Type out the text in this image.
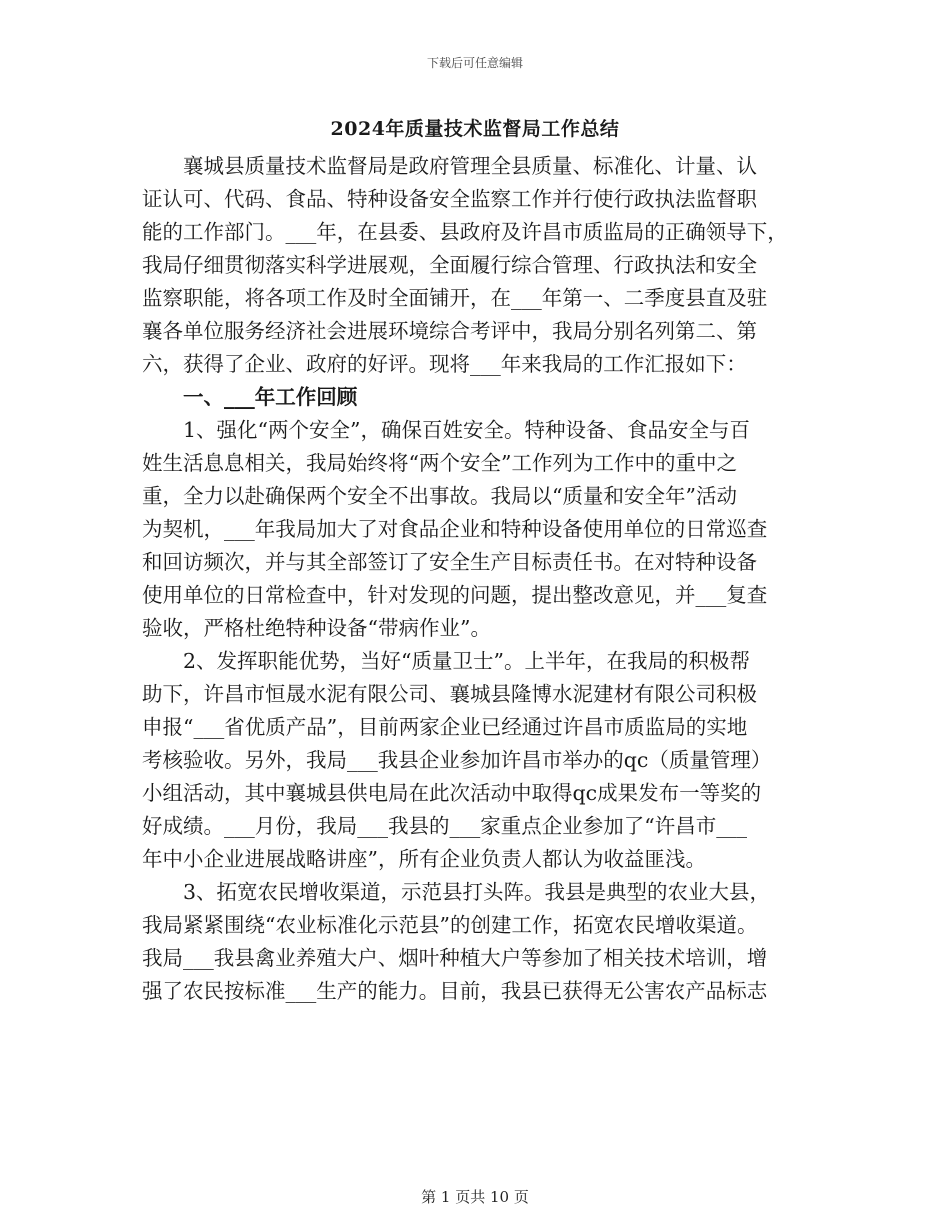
下载后可任意编辑
2024年质量技术监督局工作总结
襄城县质量技术监督局是政府管理全县质量、标准化、计量、认
证认可、代码、食品、特种设备安全监察工作并行使行政执法监督职
能的工作部门。___年，在县委、县政府及许昌市质监局的正确领导下，
我局仔细贯彻落实科学进展观，全面履行综合管理、行政执法和安全
监察职能，将各项工作及时全面铺开，在___年第一、二季度县直及驻
襄各单位服务经济社会进展环境综合考评中，我局分别名列第二、第
六，获得了企业、政府的好评。现将___年来我局的工作汇报如下：
一、___年工作回顾
1、强化“两个安全”，确保百姓安全。特种设备、食品安全与百
姓生活息息相关，我局始终将“两个安全”工作列为工作中的重中之
重，全力以赴确保两个安全不出事故。我局以“质量和安全年”活动
为契机，___年我局加大了对食品企业和特种设备使用单位的日常巡查
和回访频次，并与其全部签订了安全生产目标责任书。在对特种设备
使用单位的日常检查中，针对发现的问题，提出整改意见，并___复查
验收，严格杜绝特种设备“带病作业”。
2、发挥职能优势，当好“质量卫士”。上半年，在我局的积极帮
助下，许昌市恒晟水泥有限公司、襄城县隆博水泥建材有限公司积极
申报“___省优质产品”，目前两家企业已经通过许昌市质监局的实地
考核验收。另外，我局___我县企业参加许昌市举办的qc（质量管理）
小组活动，其中襄城县供电局在此次活动中取得qc成果发布一等奖的
好成绩。___月份，我局___我县的___家重点企业参加了“许昌市___
年中小企业进展战略讲座”，所有企业负责人都认为收益匪浅。
3、拓宽农民增收渠道，示范县打头阵。我县是典型的农业大县，
我局紧紧围绕“农业标准化示范县”的创建工作，拓宽农民增收渠道。
我局___我县禽业养殖大户、烟叶种植大户等参加了相关技术培训，增
强了农民按标准___生产的能力。目前，我县已获得无公害农产品标志
第 1 页共 10 页
